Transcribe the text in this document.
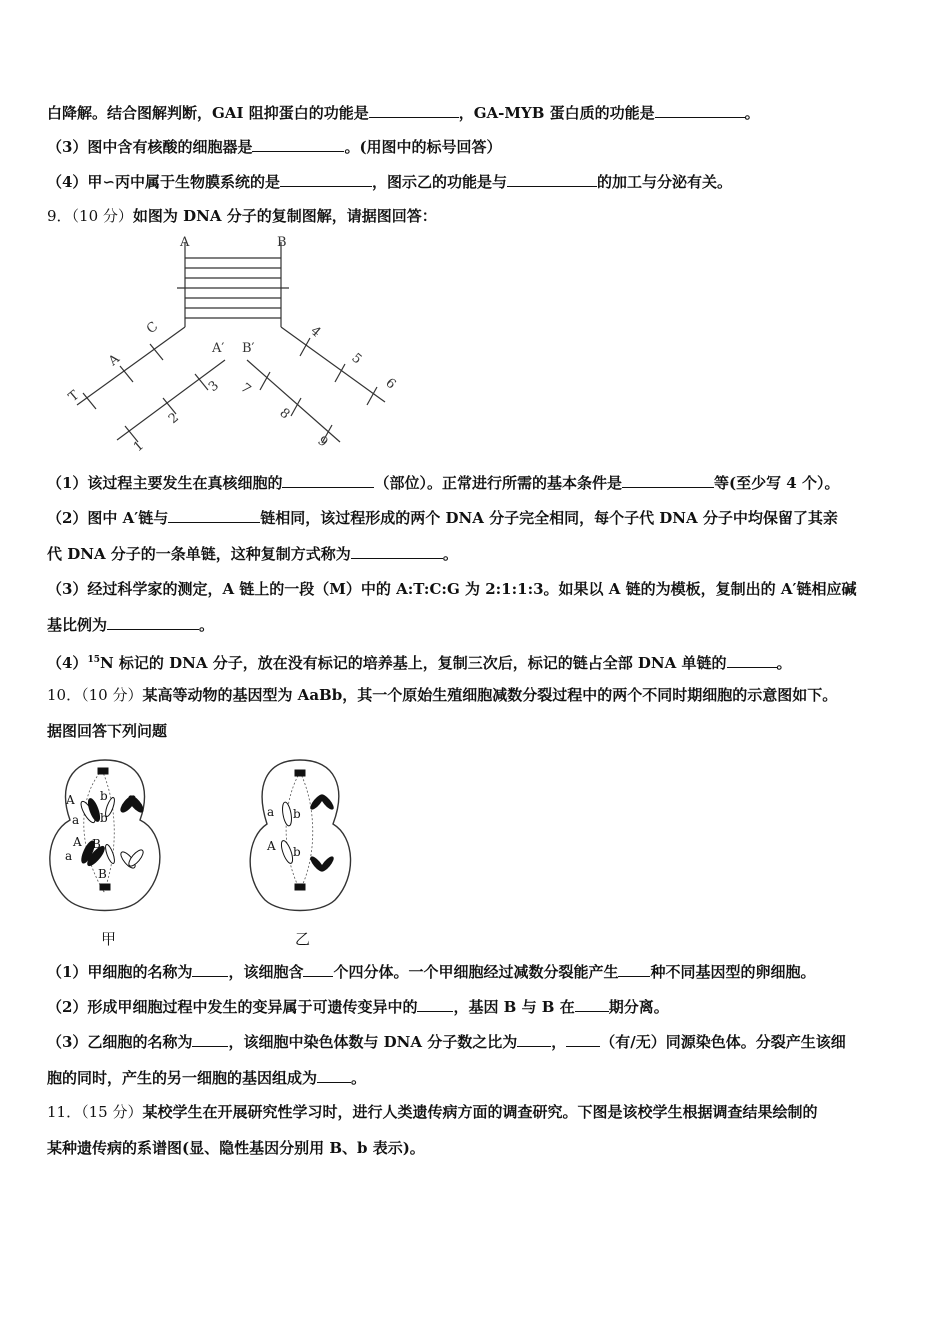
白降解。结合图解判断，GAI 阻抑蛋白的功能是	，GA-MYB 蛋白质的功能是	。
（3）图中含有核酸的细胞器是	。(用图中的标号回答）
（4）甲∽丙中属于生物膜系统的是	，图示乙的功能是与	的加工与分泌有关。
9．（10 分）如图为 DNA 分子的复制图解，请据图回答：
A	B
C
A′ B′
A
T
1
2
3
4
5
6
7
8
9
（1）该过程主要发生在真核细胞的	（部位）。正常进行所需的基本条件是	等(至少写 4 个）。
（2）图中 A′链与	链相同，该过程形成的两个 DNA 分子完全相同，每个子代 DNA 分子中均保留了其亲
代 DNA 分子的一条单链，这种复制方式称为	。
（3）经过科学家的测定，A 链上的一段（M）中的 A:T:C:G 为 2:1:1:3。如果以 A 链的为模板，复制出的 A′链相应碱
基比例为	。
$(4)^{15}N$ 标记的 DNA 分子，放在没有标记的培养基上，复制三次后，标记的链占全部 DNA 单链的	。
10．（10 分）某高等动物的基因型为 AaBb，其一个原始生殖细胞减数分裂过程中的两个不同时期细胞的示意图如下。
据图回答下列问题
A
a
b
b
A
a
B
B
甲
a b
A b
乙
（1）甲细胞的名称为 ，该细胞含 个四分体。一个甲细胞经过减数分裂能产生 种不同基因型的卵细胞。
（2）形成甲细胞过程中发生的变异属于可遗传变异中的 ，基因 B 与 B 在 期分离。
（3）乙细胞的名称为 ，该细胞中染色体数与 DNA 分子数之比为 ， （有/无）同源染色体。分裂产生该细
胞的同时，产生的另一细胞的基因组成为 。
11．（15 分）某校学生在开展研究性学习时，进行人类遗传病方面的调查研究。下图是该校学生根据调查结果绘制的
某种遗传病的系谱图(显、隐性基因分别用 B、b 表示)。
